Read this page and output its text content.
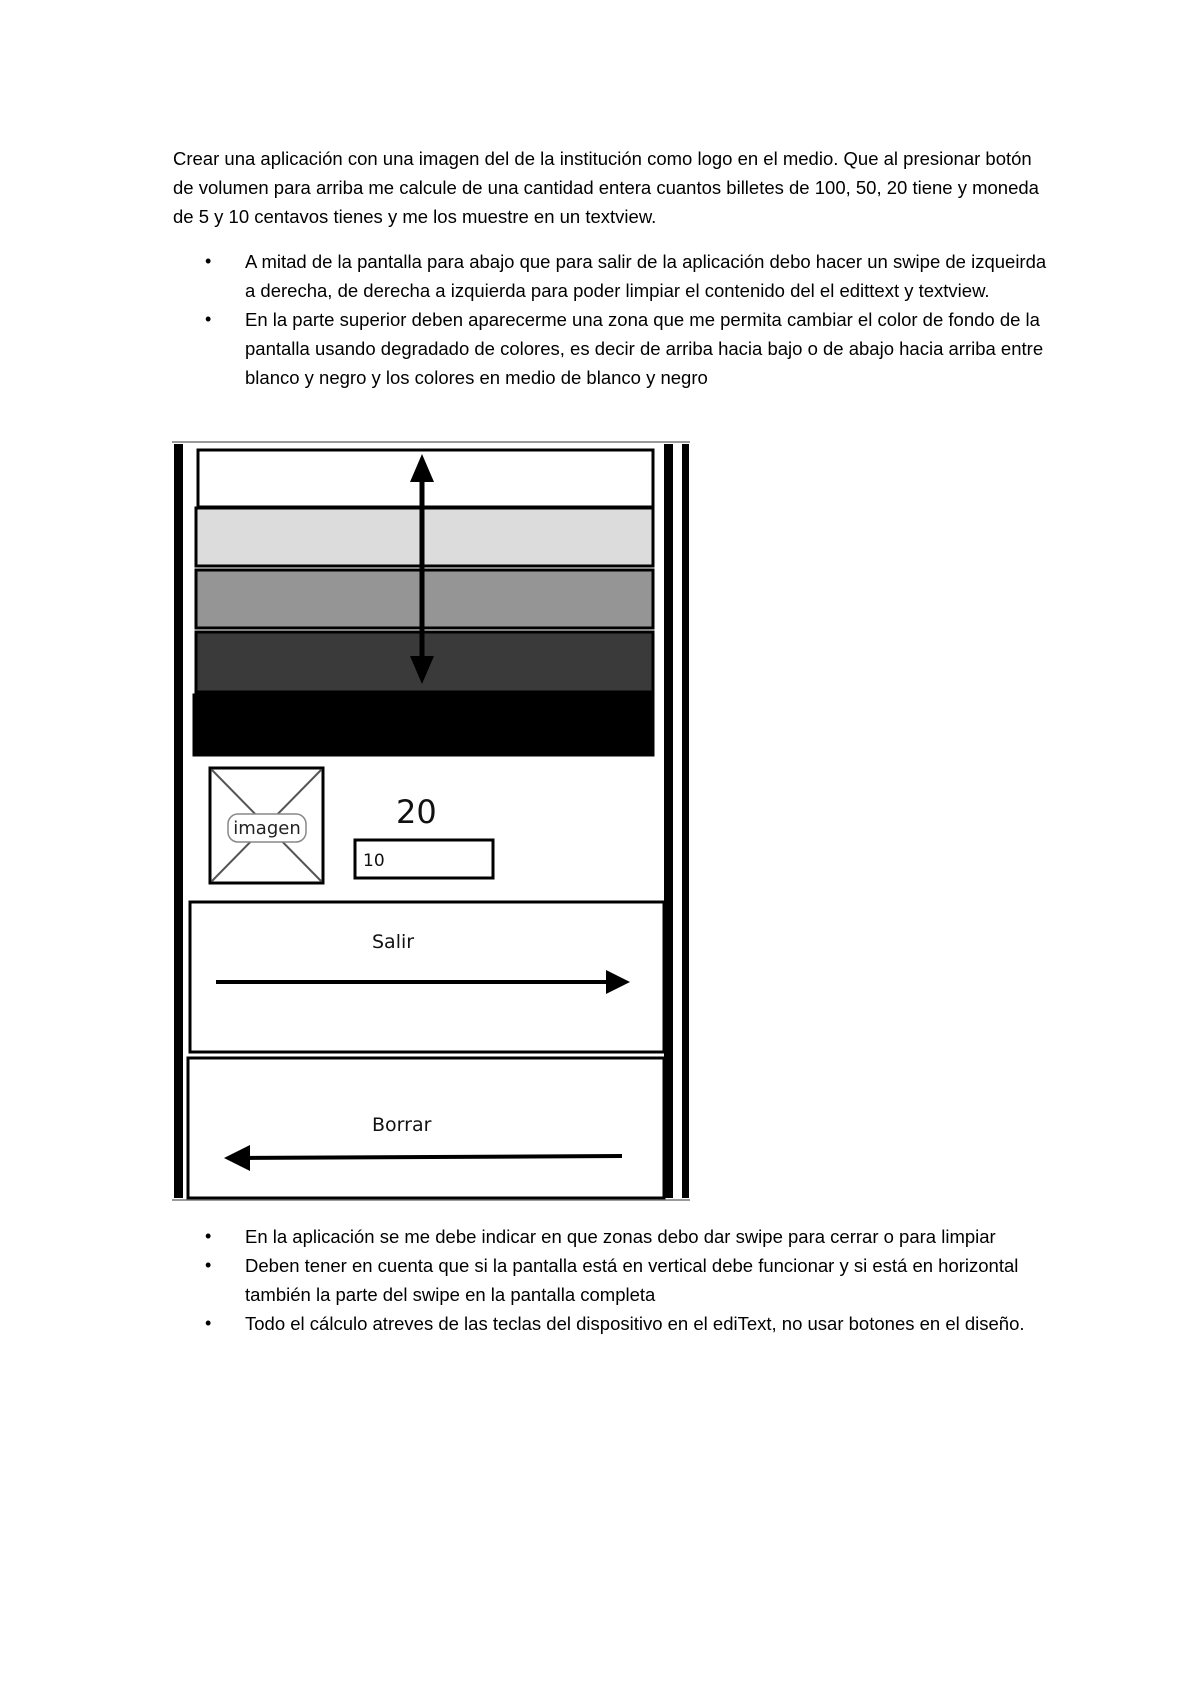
Crear una aplicación con una imagen del de la institución como logo en el medio. Que al presionar botón de volumen para arriba me calcule de una cantidad entera cuantos billetes de 100, 50, 20 tiene y moneda de 5 y 10 centavos tienes y me los muestre en un textview.

• A mitad de la pantalla para abajo que para salir de la aplicación debo hacer un swipe de izqueirda a derecha, de derecha a izquierda para poder limpiar el contenido del el edittext y textview.
• En la parte superior deben aparecerme una zona que me permita cambiar el color de fondo de la pantalla usando degradado de colores, es decir de arriba hacia bajo o de abajo hacia arriba entre blanco y negro y los colores en medio de blanco y negro
imagen	20
10
Salir
Borrar
• En la aplicación se me debe indicar en que zonas debo dar swipe para cerrar o para limpiar
• Deben tener en cuenta que si la pantalla está en vertical debe funcionar y si está en horizontal también la parte del swipe en la pantalla completa
• Todo el cálculo atreves de las teclas del dispositivo en el ediText, no usar botones en el diseño.
